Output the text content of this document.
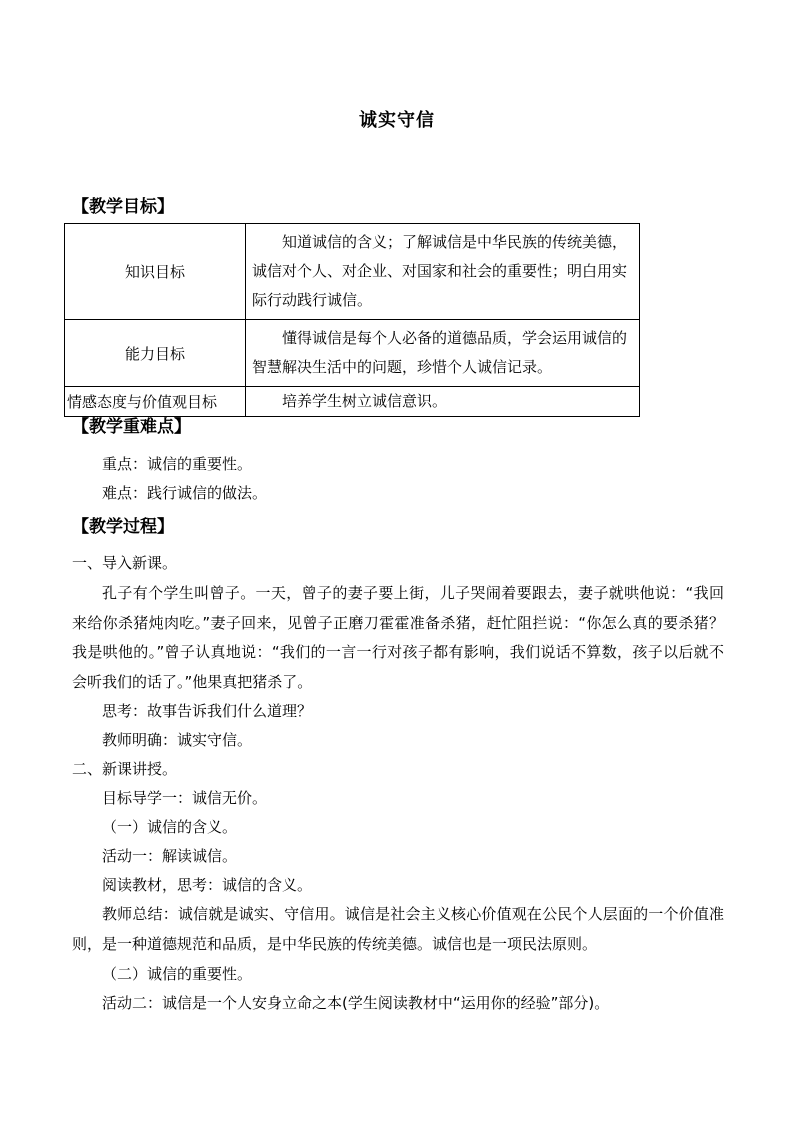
诚实守信
【教学目标】
知识目标	知道诚信的含义；了解诚信是中华民族的传统美德，诚信对个人、对企业、对国家和社会的重要性；明白用实际行动践行诚信。
能力目标	懂得诚信是每个人必备的道德品质，学会运用诚信的智慧解决生活中的问题，珍惜个人诚信记录。
情感态度与价值观目标	培养学生树立诚信意识。
【教学重难点】
重点：诚信的重要性。
难点：践行诚信的做法。
【教学过程】
一、导入新课。
孔子有个学生叫曾子。一天，曾子的妻子要上街，儿子哭闹着要跟去，妻子就哄他说：“我回来给你杀猪炖肉吃。”妻子回来，见曾子正磨刀霍霍准备杀猪，赶忙阻拦说：“你怎么真的要杀猪？我是哄他的。”曾子认真地说：“我们的一言一行对孩子都有影响，我们说话不算数，孩子以后就不会听我们的话了。”他果真把猪杀了。
思考：故事告诉我们什么道理？
教师明确：诚实守信。
二、新课讲授。
目标导学一：诚信无价。
（一）诚信的含义。
活动一：解读诚信。
阅读教材，思考：诚信的含义。
教师总结：诚信就是诚实、守信用。诚信是社会主义核心价值观在公民个人层面的一个价值准则，是一种道德规范和品质，是中华民族的传统美德。诚信也是一项民法原则。
（二）诚信的重要性。
活动二：诚信是一个人安身立命之本(学生阅读教材中“运用你的经验”部分)。
